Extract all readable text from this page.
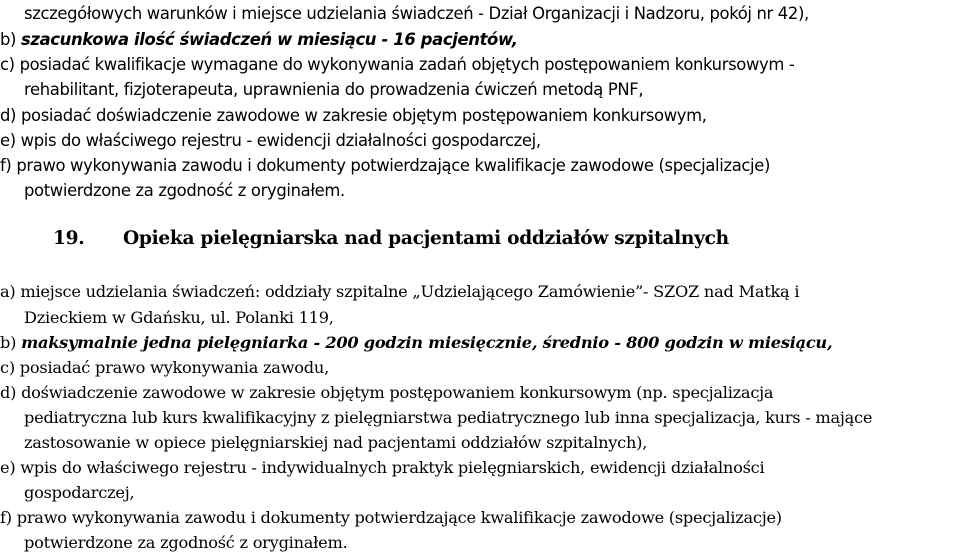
szczegółowych warunków i miejsce udzielania świadczeń - Dział Organizacji i Nadzoru, pokój nr 42),
b) szacunkowa ilość świadczeń w miesiącu - 16 pacjentów,
c) posiadać kwalifikacje wymagane do wykonywania zadań objętych postępowaniem konkursowym -
rehabilitant, fizjoterapeuta, uprawnienia do prowadzenia ćwiczeń metodą PNF,
d) posiadać doświadczenie zawodowe w zakresie objętym postępowaniem konkursowym,
e) wpis do właściwego rejestru - ewidencji działalności gospodarczej,
f) prawo wykonywania zawodu i dokumenty potwierdzające kwalifikacje zawodowe (specjalizacje)
potwierdzone za zgodność z oryginałem.
19. Opieka pielęgniarska nad pacjentami oddziałów szpitalnych
a) miejsce udzielania świadczeń: oddziały szpitalne „Udzielającego Zamówienie”- SZOZ nad Matką i
Dzieckiem w Gdańsku, ul. Polanki 119,
b) maksymalnie jedna pielęgniarka - 200 godzin miesięcznie, średnio - 800 godzin w miesiącu,
c) posiadać prawo wykonywania zawodu,
d) doświadczenie zawodowe w zakresie objętym postępowaniem konkursowym (np. specjalizacja
pediatryczna lub kurs kwalifikacyjny z pielęgniarstwa pediatrycznego lub inna specjalizacja, kurs - mające
zastosowanie w opiece pielęgniarskiej nad pacjentami oddziałów szpitalnych),
e) wpis do właściwego rejestru - indywidualnych praktyk pielęgniarskich, ewidencji działalności
gospodarczej,
f) prawo wykonywania zawodu i dokumenty potwierdzające kwalifikacje zawodowe (specjalizacje)
potwierdzone za zgodność z oryginałem.
